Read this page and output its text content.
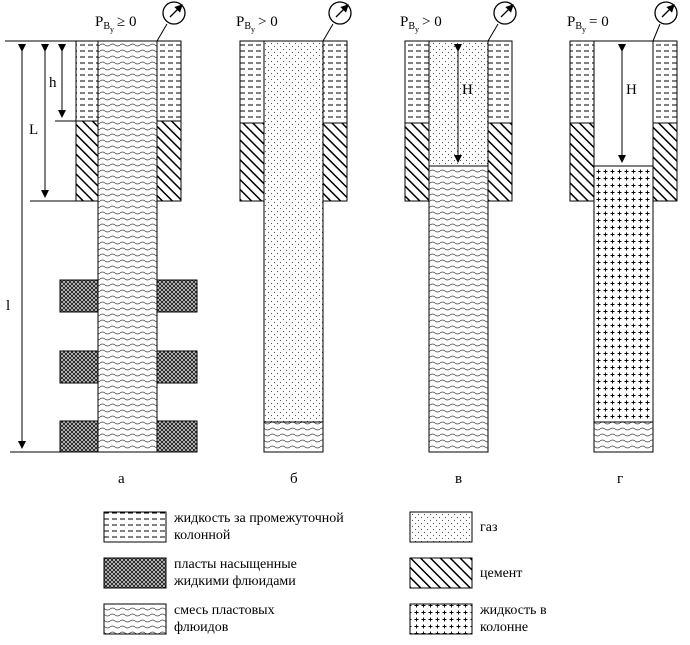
h
L
l
$P_{Ву} \ge 0$
а
$P_{Ву} > 0$
б
H
$P_{Ву} > 0$
в
H
$P_{Ву} = 0$
г
жидкость за промежуточной
колонной
газ
пласты насыщенные
жидкими флюидами
цемент
смесь пластовых
флюидов
жидкость в
колонне
